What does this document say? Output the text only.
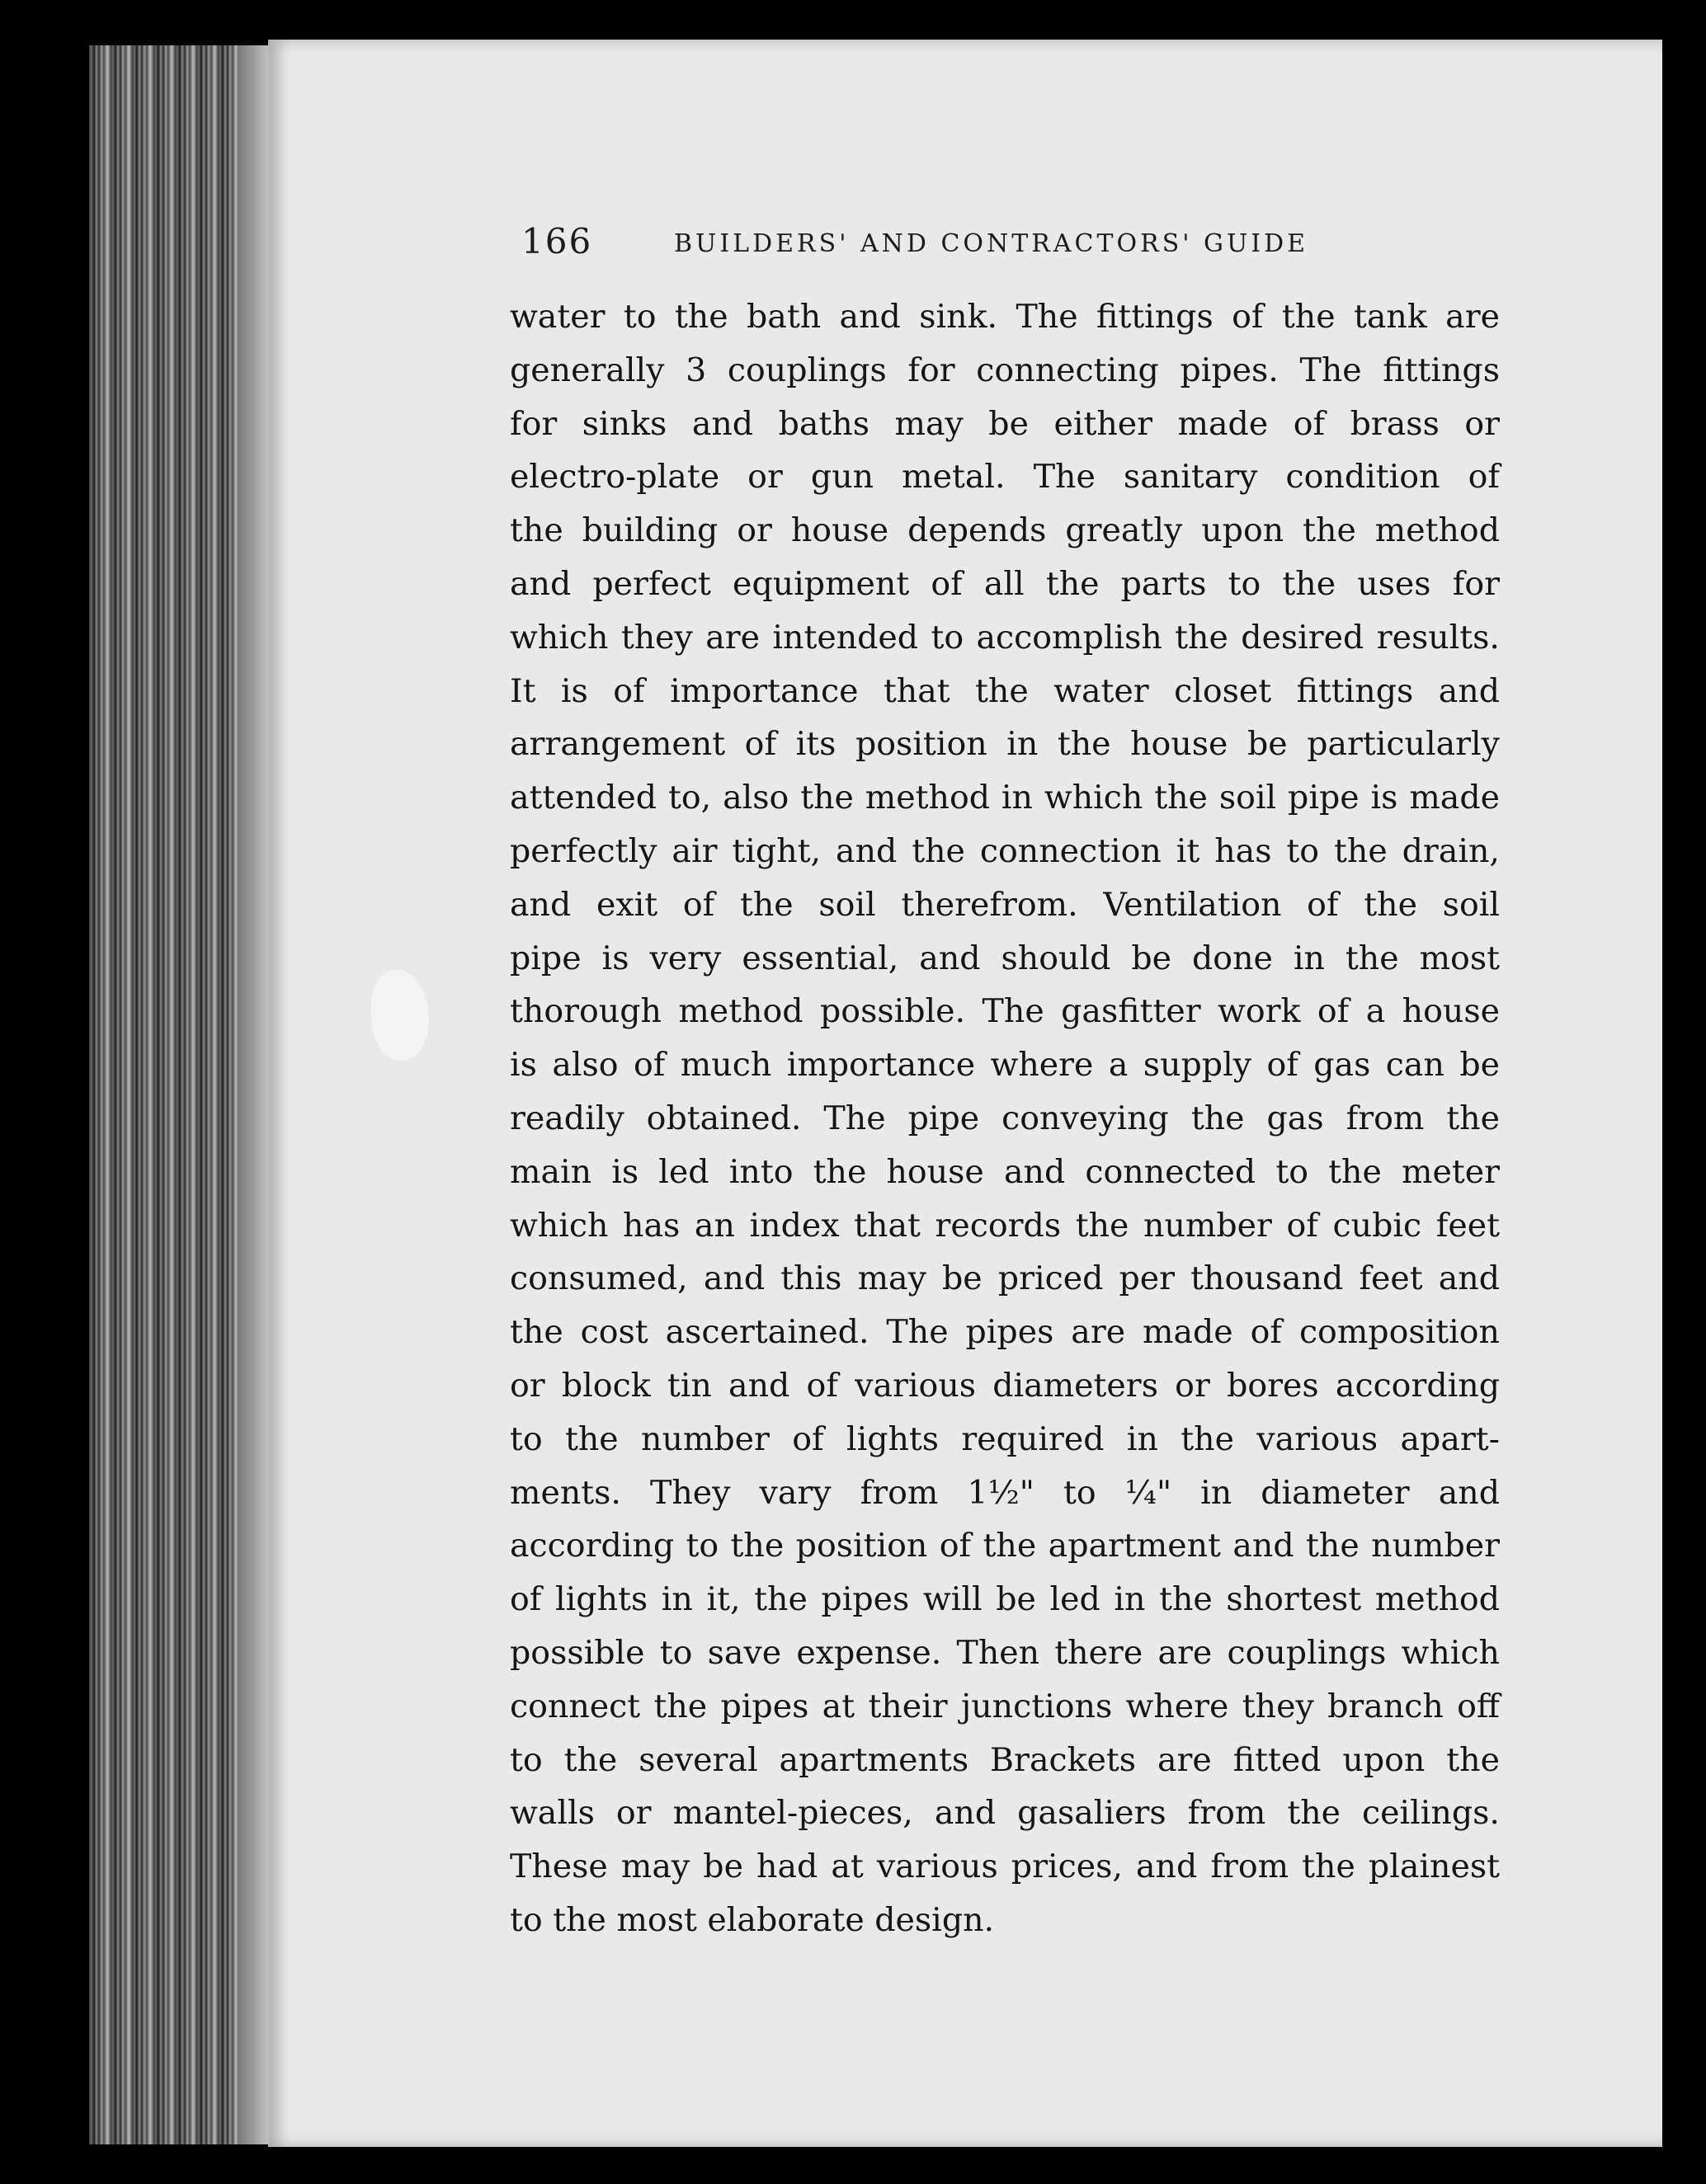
166	BUILDERS' AND CONTRACTORS' GUIDE
water to the bath and sink. The fittings of the tank are
generally 3 couplings for connecting pipes. The fittings
for sinks and baths may be either made of brass or
electro-plate or gun metal. The sanitary condition of
the building or house depends greatly upon the method
and perfect equipment of all the parts to the uses for
which they are intended to accomplish the desired results.
It is of importance that the water closet fittings and
arrangement of its position in the house be particularly
attended to, also the method in which the soil pipe is made
perfectly air tight, and the connection it has to the drain,
and exit of the soil therefrom. Ventilation of the soil
pipe is very essential, and should be done in the most
thorough method possible. The gasfitter work of a house
is also of much importance where a supply of gas can be
readily obtained. The pipe conveying the gas from the
main is led into the house and connected to the meter
which has an index that records the number of cubic feet
consumed, and this may be priced per thousand feet and
the cost ascertained. The pipes are made of composition
or block tin and of various diameters or bores according
to the number of lights required in the various apart-
ments. They vary from 1½" to ¼" in diameter and
according to the position of the apartment and the number
of lights in it, the pipes will be led in the shortest method
possible to save expense. Then there are couplings which
connect the pipes at their junctions where they branch off
to the several apartments Brackets are fitted upon the
walls or mantel-pieces, and gasaliers from the ceilings.
These may be had at various prices, and from the plainest
to the most elaborate design.
